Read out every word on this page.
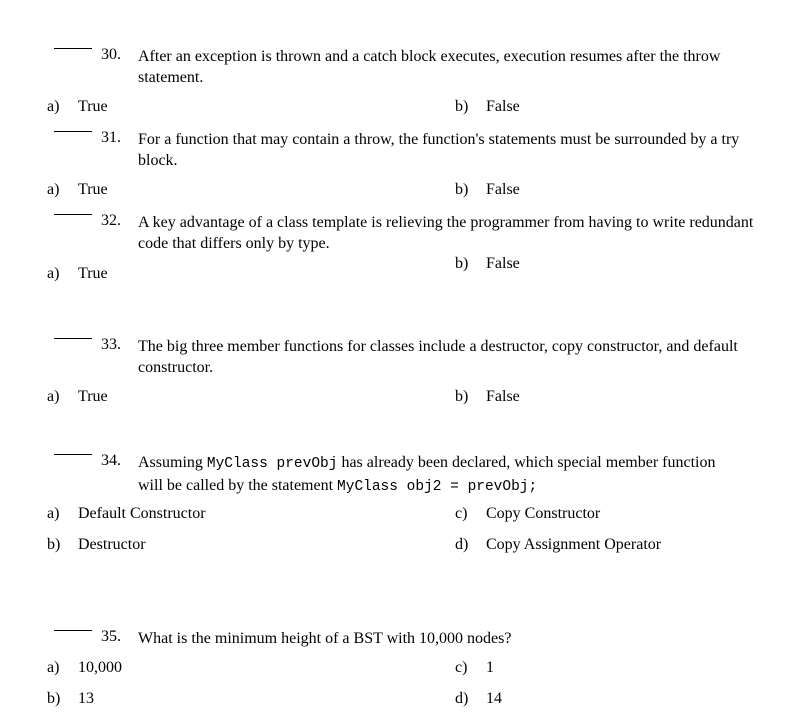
30. After an exception is thrown and a catch block executes, execution resumes after the throw statement.
a) True	b) False
31. For a function that may contain a throw, the function's statements must be surrounded by a try block.
a) True	b) False
32. A key advantage of a class template is relieving the programmer from having to write redundant code that differs only by type.
a) True
b) False
33. The big three member functions for classes include a destructor, copy constructor, and default constructor.
a) True	b) False
34. Assuming MyClass prevObj has already been declared, which special member function will be called by the statement MyClass obj2 = prevObj;
a) Default Constructor	c) Copy Constructor
b) Destructor	d) Copy Assignment Operator
35. What is the minimum height of a BST with 10,000 nodes?
a) 10,000	c) 1
b) 13	d) 14
